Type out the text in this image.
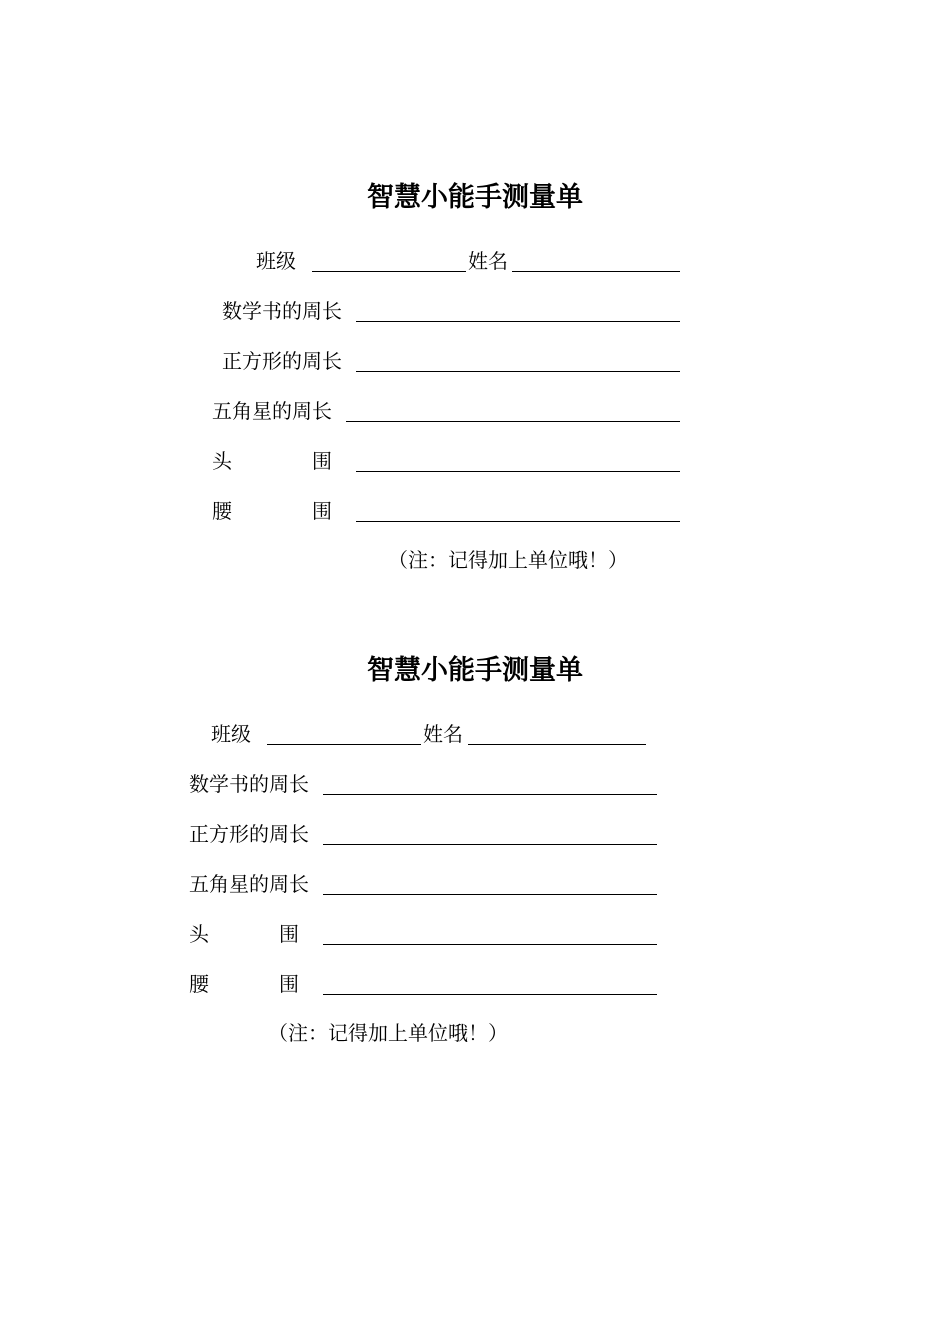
智慧小能手测量单
班级	姓名
数学书的周长
正方形的周长
五角星的周长
头	围
腰	围
（注：记得加上单位哦！）
智慧小能手测量单
班级	姓名
数学书的周长
正方形的周长
五角星的周长
头	围
腰	围
（注：记得加上单位哦！）
